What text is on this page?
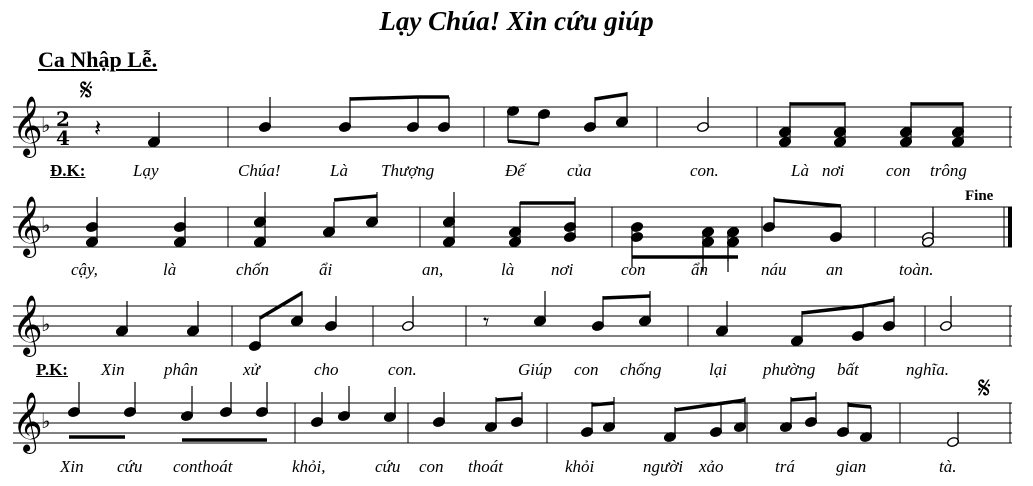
Lạy Chúa! Xin cứu giúp
Ca Nhập Lễ.
Fine
Đ.K:	Lạy	Chúa!	Là Thượng	Đế của	con.	Là nơi con trông
cậy,	là	chốn	ẩi	an,	là nơi	con	ẩn	náu an	toàn.
P.K: Xin phân	xử	cho	con.	Giúp con chống	lại phường bất	nghĩa.
Xin cứu conthoát	khỏi,	cứu con thoát	khỏi	người xảo	trá gian	tà.
𝄞
♭
𝄞
♭
𝄞
♭
𝄞
♭
2
4
𝄋
𝄋
𝄽
𝄾
